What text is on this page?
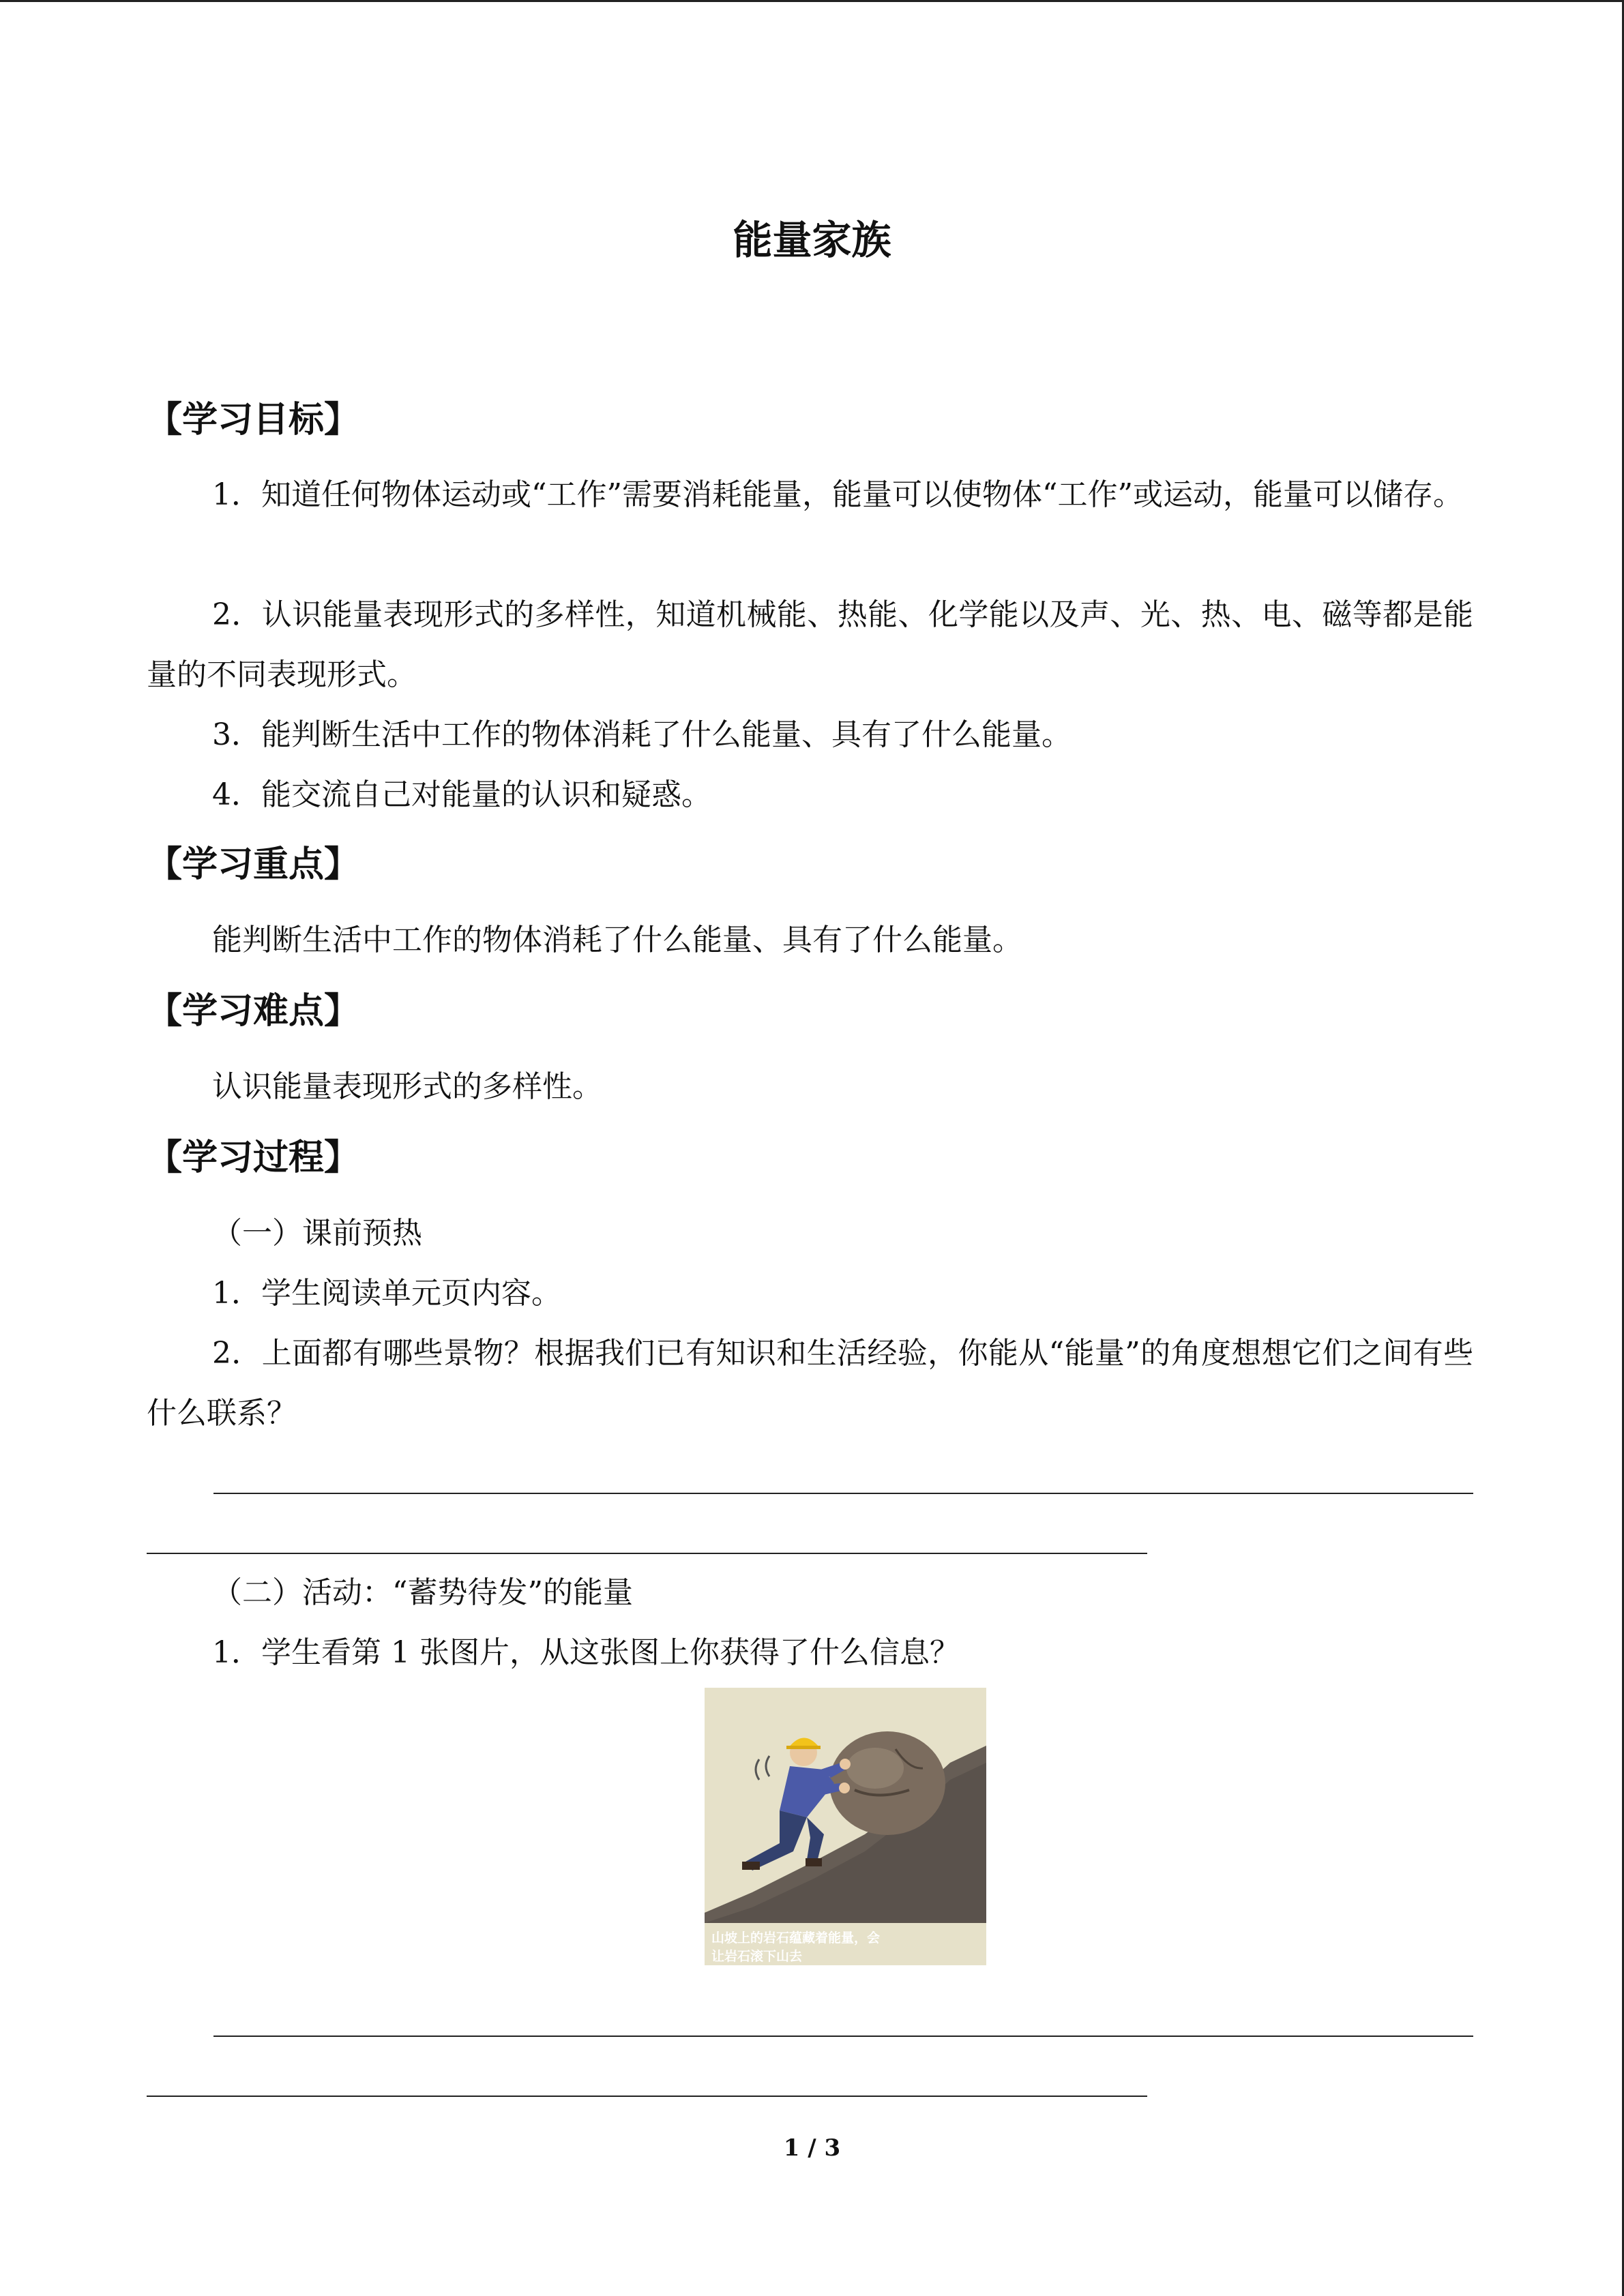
能量家族
【学习目标】
1．知道任何物体运动或“工作”需要消耗能量，能量可以使物体“工作”或运动，能量可以储存。
2．认识能量表现形式的多样性，知道机械能、热能、化学能以及声、光、热、电、磁等都是能量的不同表现形式。
3．能判断生活中工作的物体消耗了什么能量、具有了什么能量。
4．能交流自己对能量的认识和疑惑。
【学习重点】
能判断生活中工作的物体消耗了什么能量、具有了什么能量。
【学习难点】
认识能量表现形式的多样性。
【学习过程】
（一）课前预热
1．学生阅读单元页内容。
2．上面都有哪些景物？根据我们已有知识和生活经验，你能从“能量”的角度想想它们之间有些什么联系？
（二）活动：“蓄势待发”的能量
1．学生看第 1 张图片，从这张图上你获得了什么信息？
山坡上的岩石蕴藏着能量，会
让岩石滚下山去
1 / 3
